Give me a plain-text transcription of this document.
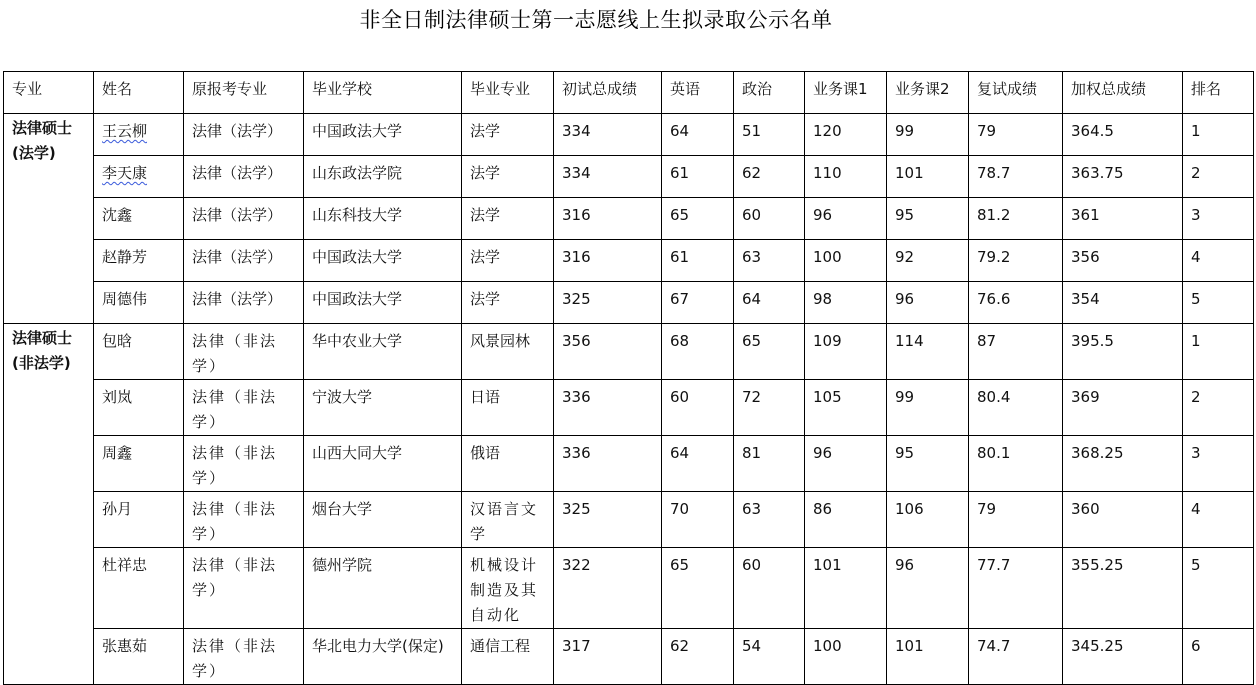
非全日制法律硕士第一志愿线上生拟录取公示名单
专业	姓名	原报考专业	毕业学校	毕业专业	初试总成绩	英语	政治	业务课1	业务课2	复试成绩	加权总成绩	排名

法律硕士
(法学)	王云柳	法律（法学）	中国政法大学	法学	334	64	51	120	99	79	364.5	1
	李天康	法律（法学）	山东政法学院	法学	334	61	62	110	101	78.7	363.75	2
	沈鑫	法律（法学）	山东科技大学	法学	316	65	60	96	95	81.2	361	3
	赵静芳	法律（法学）	中国政法大学	法学	316	61	63	100	92	79.2	356	4
	周德伟	法律（法学）	中国政法大学	法学	325	67	64	98	96	76.6	354	5

法律硕士
(非法学)	包晗	法律（非法学）	华中农业大学	风景园林	356	68	65	109	114	87	395.5	1
	刘岚	法律（非法学）	宁波大学	日语	336	60	72	105	99	80.4	369	2
	周鑫	法律（非法学）	山西大同大学	俄语	336	64	81	96	95	80.1	368.25	3
	孙月	法律（非法学）	烟台大学	汉语言文学	325	70	63	86	106	79	360	4
	杜祥忠	法律（非法学）	德州学院	机械设计制造及其自动化	322	65	60	101	96	77.7	355.25	5
	张惠茹	法律（非法学）	华北电力大学(保定)	通信工程	317	62	54	100	101	74.7	345.25	6
